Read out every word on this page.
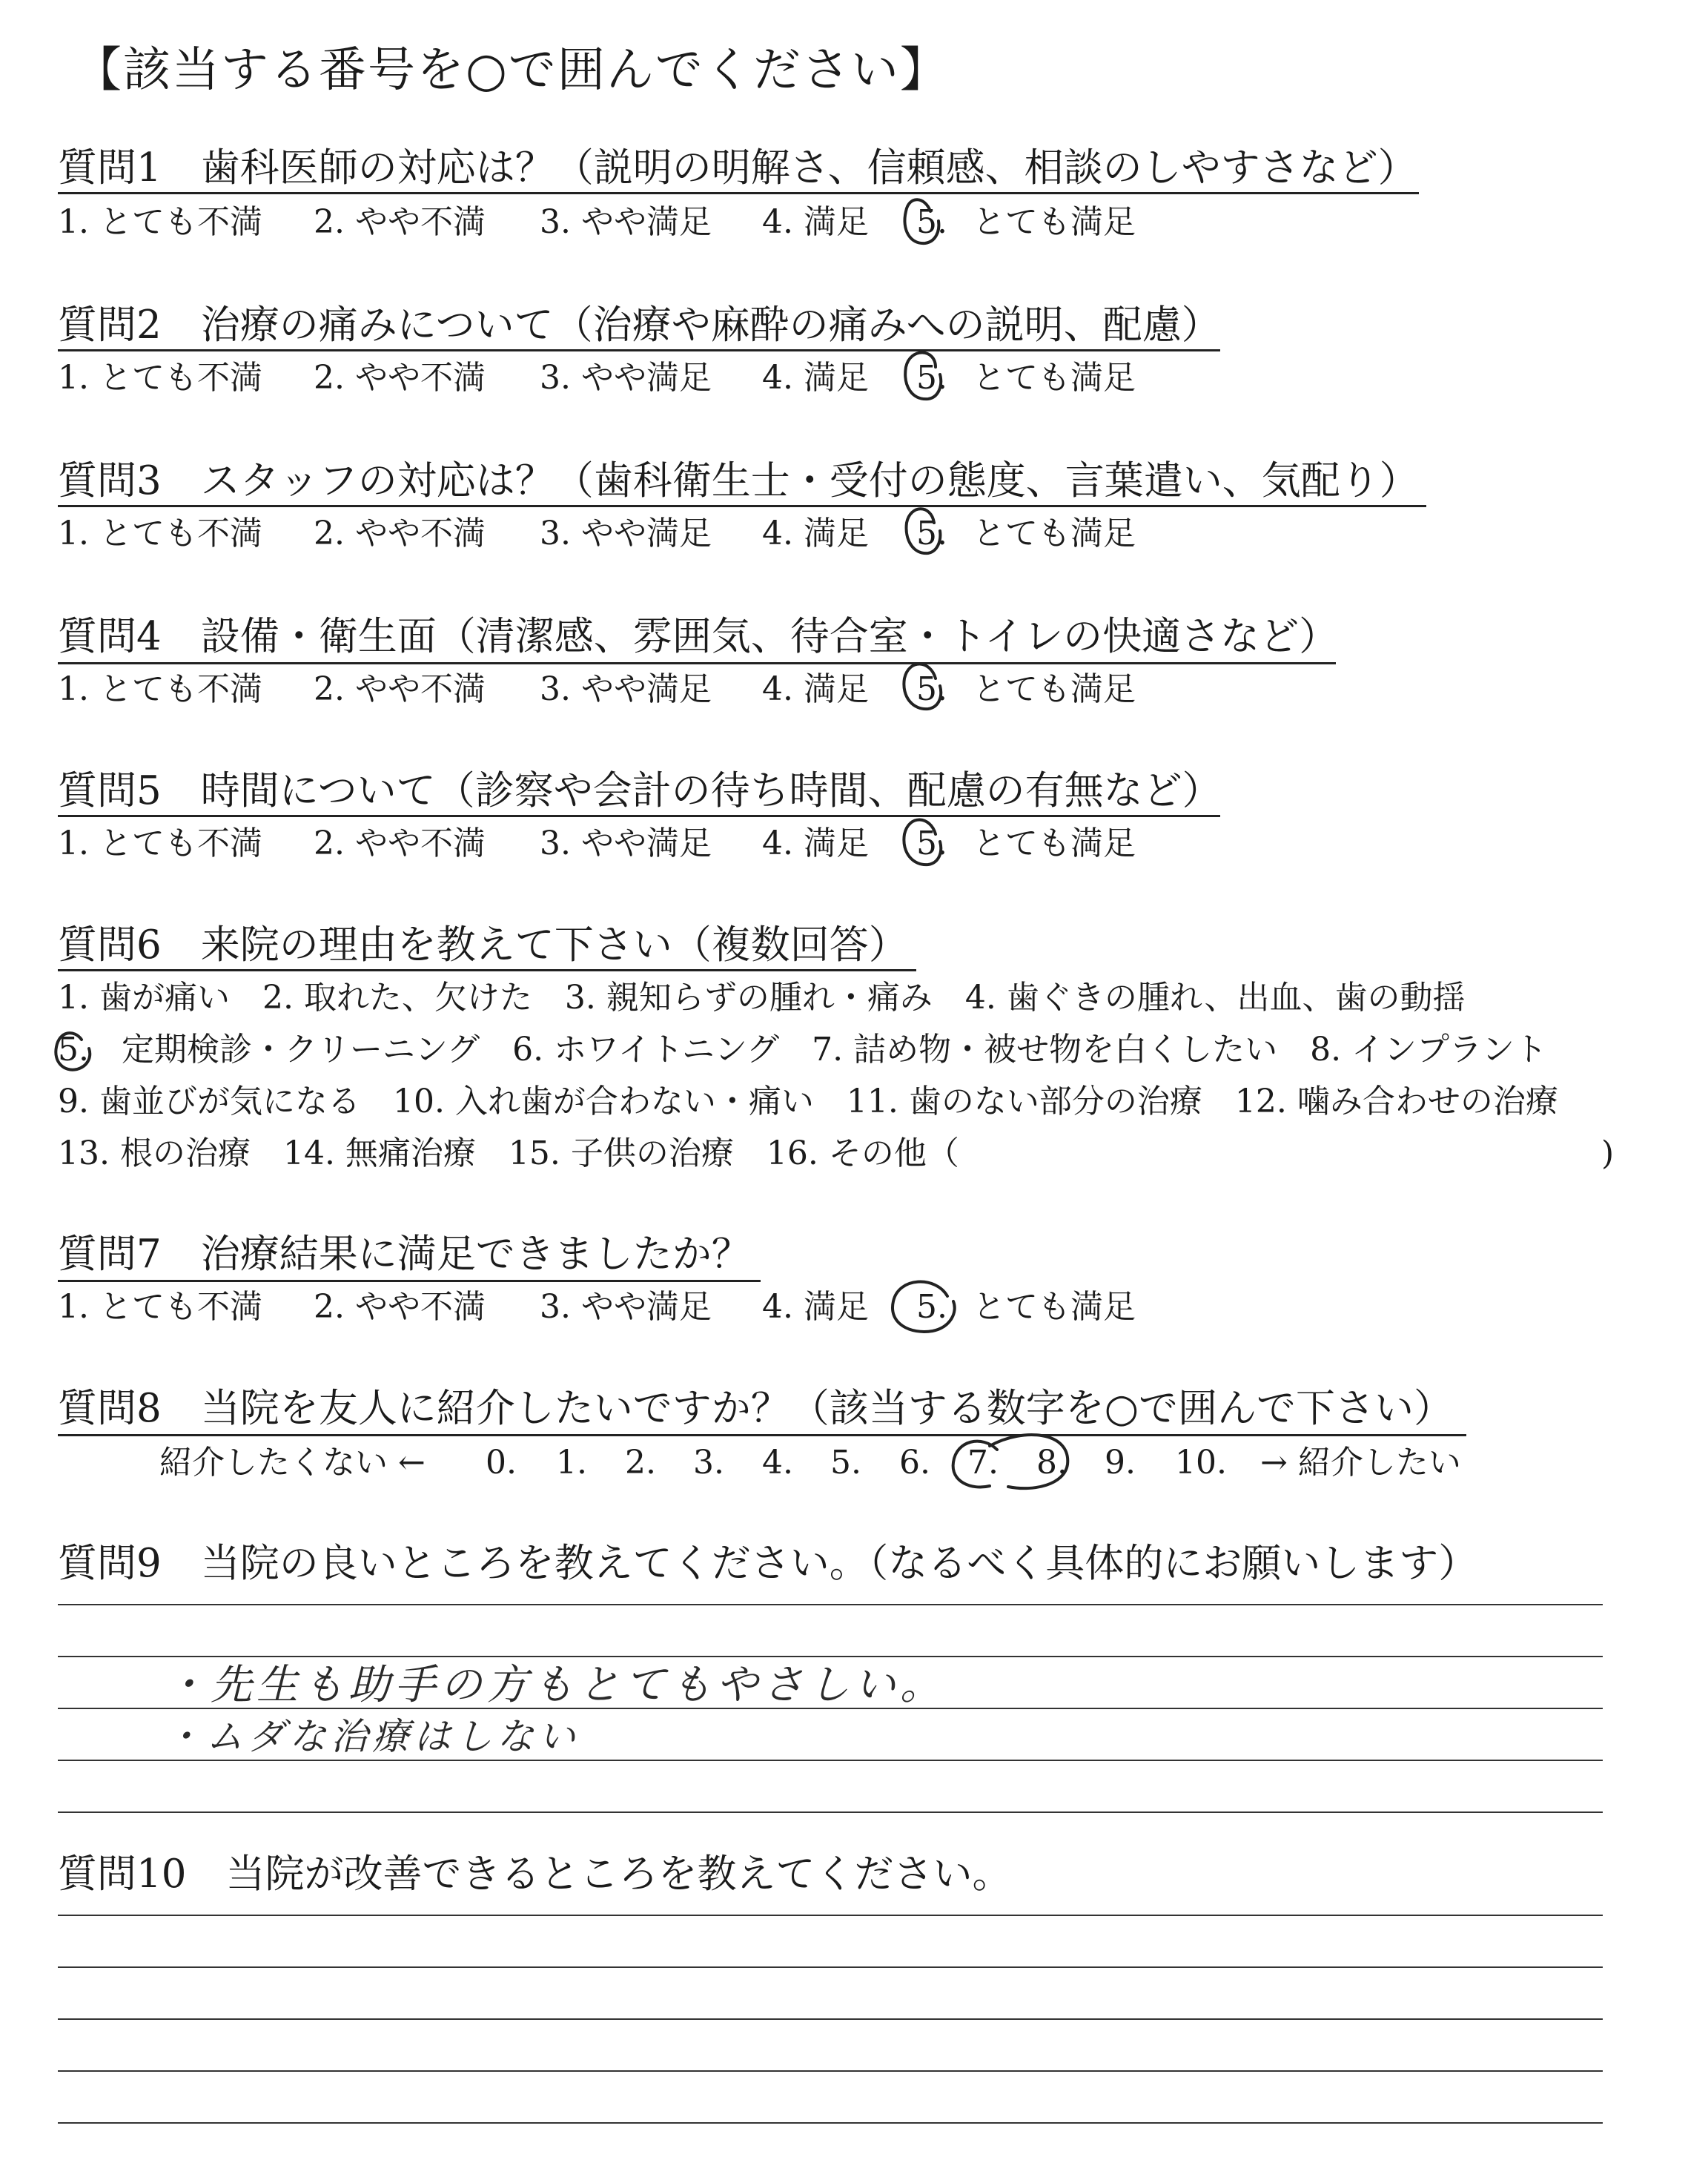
【該当する番号を○で囲んでください】
質問1　歯科医師の対応は？（説明の明解さ、信頼感、相談のしやすさなど）
1. とても不満 2. やや不満 3. やや満足 4. 満足 5. とても満足
質問2　治療の痛みについて（治療や麻酔の痛みへの説明、配慮）
1. とても不満 2. やや不満 3. やや満足 4. 満足 5. とても満足
質問3　スタッフの対応は？（歯科衛生士・受付の態度、言葉遣い、気配り）
1. とても不満 2. やや不満 3. やや満足 4. 満足 5. とても満足
質問4　設備・衛生面（清潔感、雰囲気、待合室・トイレの快適さなど）
1. とても不満 2. やや不満 3. やや満足 4. 満足 5. とても満足
質問5　時間について（診察や会計の待ち時間、配慮の有無など）
1. とても不満 2. やや不満 3. やや満足 4. 満足 5. とても満足
質問6　来院の理由を教えて下さい（複数回答）
1. 歯が痛い　2. 取れた、欠けた　3. 親知らずの腫れ・痛み　4. 歯ぐきの腫れ、出血、歯の動揺
5.　定期検診・クリーニング　6. ホワイトニング　7. 詰め物・被せ物を白くしたい　8. インプラント
9. 歯並びが気になる　10. 入れ歯が合わない・痛い　11. 歯のない部分の治療　12. 噛み合わせの治療
13. 根の治療　14. 無痛治療　15. 子供の治療　16. その他（	)
質問7　治療結果に満足できましたか？
1. とても不満 2. やや不満 3. やや満足 4. 満足 5. とても満足
質問8　当院を友人に紹介したいですか？（該当する数字を○で囲んで下さい）
紹介したくない ← 0. 1. 2. 3. 4. 5. 6. 7. 8. 9. 10. → 紹介したい
質問9　当院の良いところを教えてください。（なるべく具体的にお願いします）
・先生も助手の方もとてもやさしい。
・ムダな治療はしない
質問10　当院が改善できるところを教えてください。
